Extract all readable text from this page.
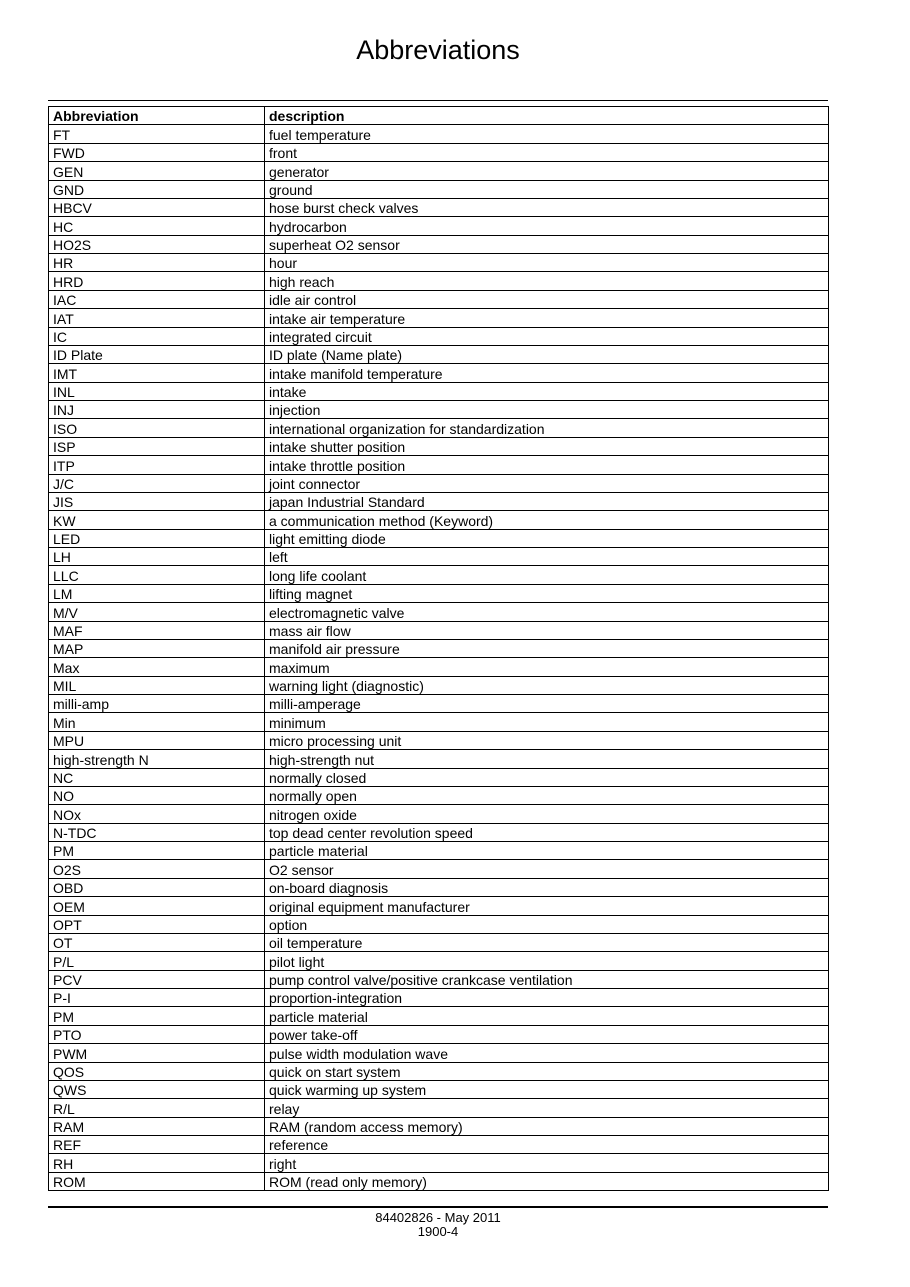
Abbreviations
Abbreviation	description
FT	fuel temperature
FWD	front
GEN	generator
GND	ground
HBCV	hose burst check valves
HC	hydrocarbon
HO2S	superheat O2 sensor
HR	hour
HRD	high reach
IAC	idle air control
IAT	intake air temperature
IC	integrated circuit
ID Plate	ID plate (Name plate)
IMT	intake manifold temperature
INL	intake
INJ	injection
ISO	international organization for standardization
ISP	intake shutter position
ITP	intake throttle position
J/C	joint connector
JIS	japan Industrial Standard
KW	a communication method (Keyword)
LED	light emitting diode
LH	left
LLC	long life coolant
LM	lifting magnet
M/V	electromagnetic valve
MAF	mass air flow
MAP	manifold air pressure
Max	maximum
MIL	warning light (diagnostic)
milli-amp	milli-amperage
Min	minimum
MPU	micro processing unit
high-strength N	high-strength nut
NC	normally closed
NO	normally open
NOx	nitrogen oxide
N-TDC	top dead center revolution speed
PM	particle material
O2S	O2 sensor
OBD	on-board diagnosis
OEM	original equipment manufacturer
OPT	option
OT	oil temperature
P/L	pilot light
PCV	pump control valve/positive crankcase ventilation
P-I	proportion-integration
PM	particle material
PTO	power take-off
PWM	pulse width modulation wave
QOS	quick on start system
QWS	quick warming up system
R/L	relay
RAM	RAM (random access memory)
REF	reference
RH	right
ROM	ROM (read only memory)
84402826 - May 2011
1900-4
